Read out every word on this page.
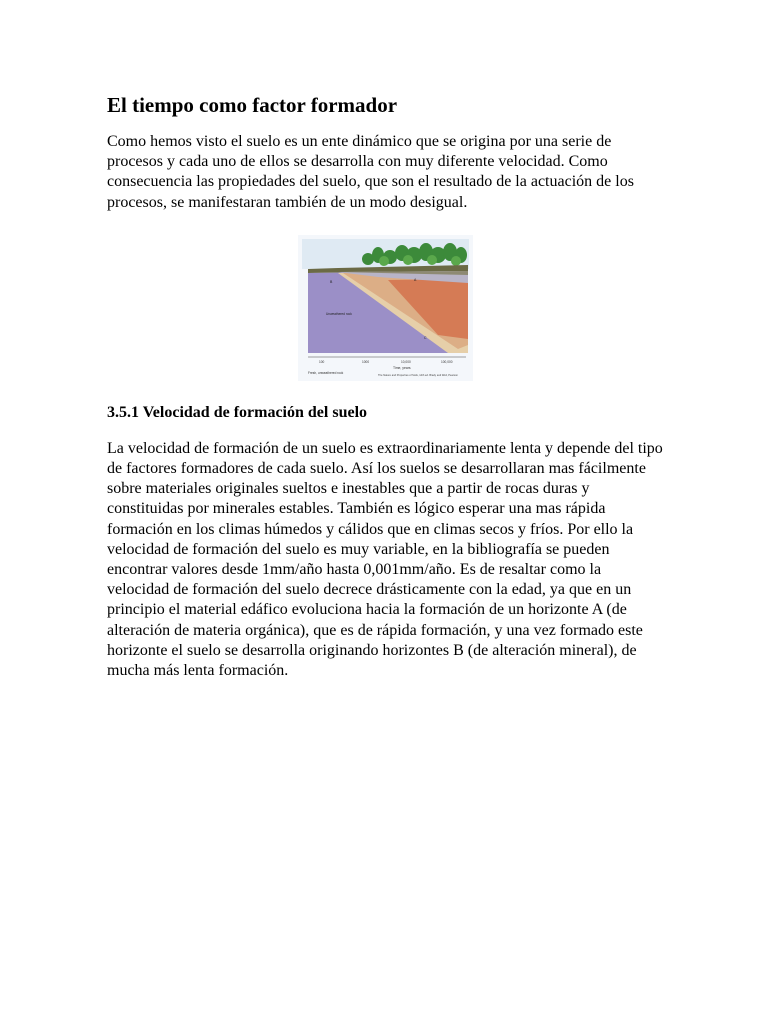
El tiempo como factor formador

Como hemos visto el suelo es un ente dinámico que se origina por una serie de procesos y cada uno de ellos se desarrolla con muy diferente velocidad. Como consecuencia las propiedades del suelo, que son el resultado de la actuación de los procesos, se manifestaran también de un modo desigual.

B	A
C
Unweathered rock
100	1000	10,000	100,000
Time, years
Fresh, unweathered rock
The Nature and Properties of Soils, 14th ed. Brady and Weil, Pearson
3.5.1 Velocidad de formación del suelo

La velocidad de formación de un suelo es extraordinariamente lenta y depende del tipo de factores formadores de cada suelo. Así los suelos se desarrollaran mas fácilmente sobre materiales originales sueltos e inestables que a partir de rocas duras y constituidas por minerales estables. También es lógico esperar una mas rápida formación en los climas húmedos y cálidos que en climas secos y fríos. Por ello la velocidad de formación del suelo es muy variable, en la bibliografía se pueden encontrar valores desde 1mm/año hasta 0,001mm/año. Es de resaltar como la velocidad de formación del suelo decrece drásticamente con la edad, ya que en un principio el material edáfico evoluciona hacia la formación de un horizonte A (de alteración de materia orgánica), que es de rápida formación, y una vez formado este horizonte el suelo se desarrolla originando horizontes B (de alteración mineral), de mucha más lenta formación.
